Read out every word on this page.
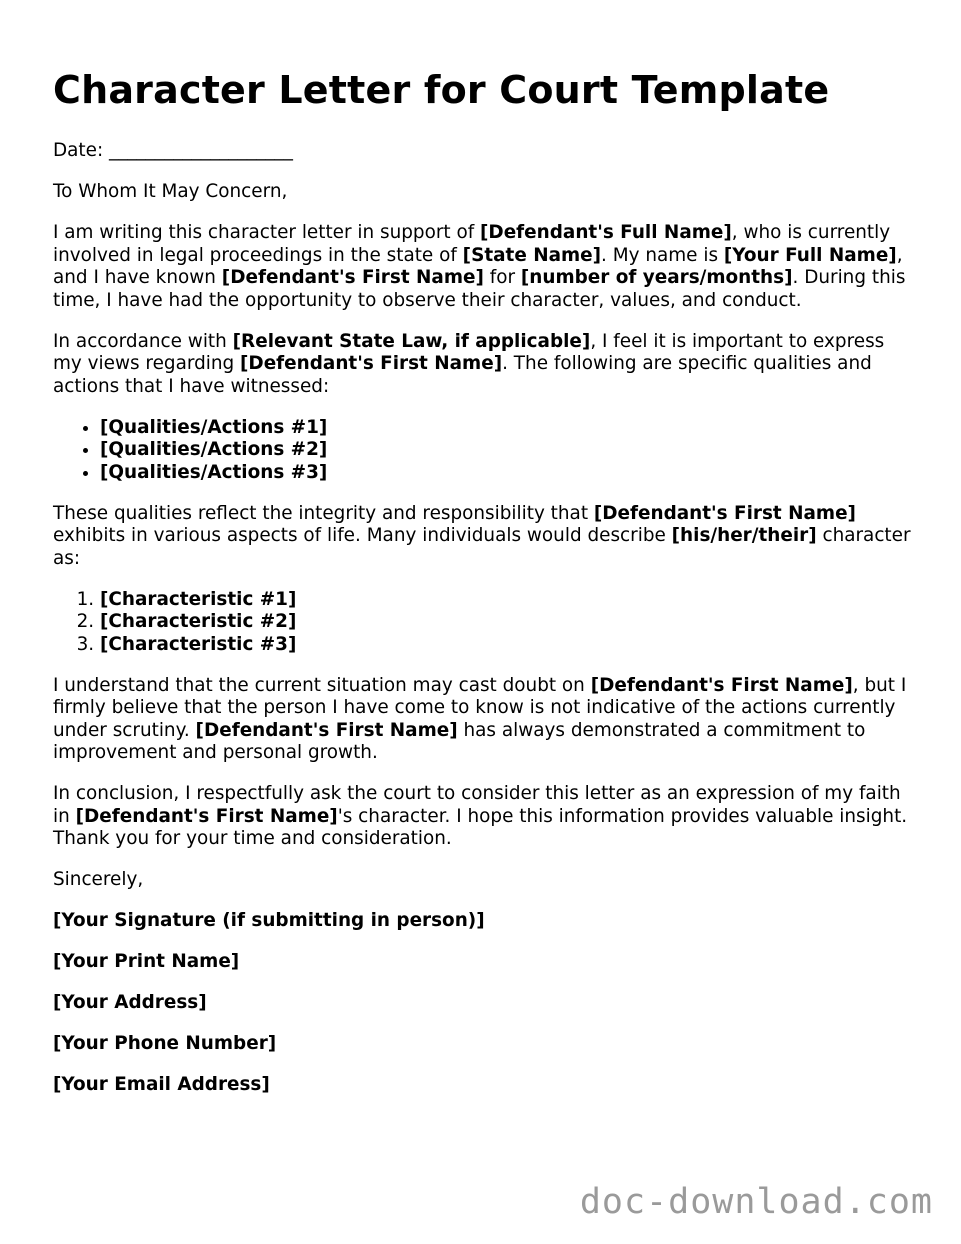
Character Letter for Court Template

Date: ____________________

To Whom It May Concern,

I am writing this character letter in support of [Defendant's Full Name], who is currently involved in legal proceedings in the state of [State Name]. My name is [Your Full Name], and I have known [Defendant's First Name] for [number of years/months]. During this time, I have had the opportunity to observe their character, values, and conduct.

In accordance with [Relevant State Law, if applicable], I feel it is important to express my views regarding [Defendant's First Name]. The following are specific qualities and actions that I have witnessed:

• [Qualities/Actions #1]
• [Qualities/Actions #2]
• [Qualities/Actions #3]

These qualities reflect the integrity and responsibility that [Defendant's First Name] exhibits in various aspects of life. Many individuals would describe [his/her/their] character as:

1. [Characteristic #1]
2. [Characteristic #2]
3. [Characteristic #3]

I understand that the current situation may cast doubt on [Defendant's First Name], but I firmly believe that the person I have come to know is not indicative of the actions currently under scrutiny. [Defendant's First Name] has always demonstrated a commitment to improvement and personal growth.

In conclusion, I respectfully ask the court to consider this letter as an expression of my faith in [Defendant's First Name]'s character. I hope this information provides valuable insight. Thank you for your time and consideration.

Sincerely,

[Your Signature (if submitting in person)]

[Your Print Name]

[Your Address]

[Your Phone Number]

[Your Email Address]

doc-download.com
